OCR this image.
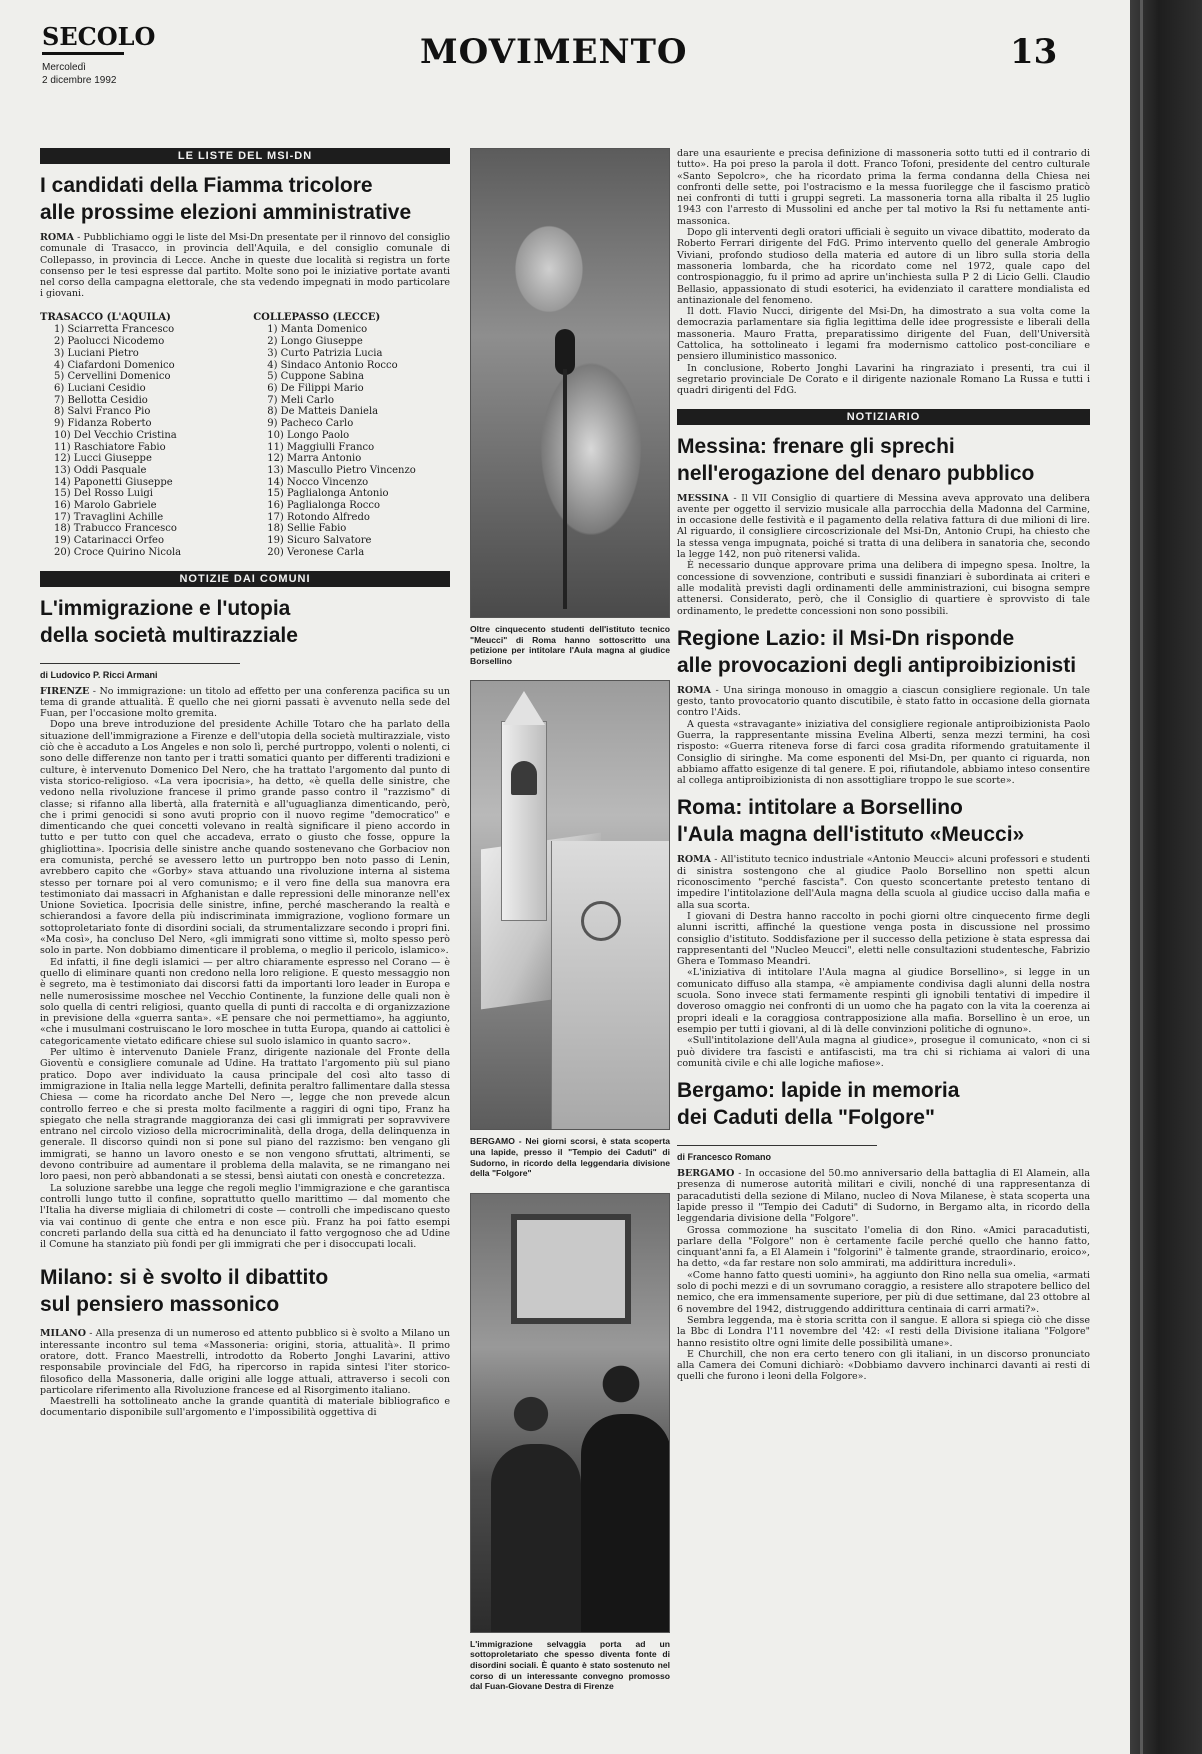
SECOLO
Mercoledì
2 dicembre 1992
MOVIMENTO	13
LE LISTE DEL MSI-DN
I candidati della Fiamma tricolore
alle prossime elezioni amministrative

ROMA - Pubblichiamo oggi le liste del Msi-Dn presentate per il rinnovo del consiglio comunale di Trasacco, in provincia dell'Aquila, e del consiglio comunale di Collepasso, in provincia di Lecce. Anche in queste due località si registra un forte consenso per le tesi espresse dal partito. Molte sono poi le iniziative portate avanti nel corso della campagna elettorale, che sta vedendo impegnati in modo particolare i giovani.

TRASACCO (L'AQUILA)
1) Sciarretta Francesco
2) Paolucci Nicodemo
3) Luciani Pietro
4) Ciafardoni Domenico
5) Cervellini Domenico
6) Luciani Cesidio
7) Bellotta Cesidio
8) Salvi Franco Pio
9) Fidanza Roberto
10) Del Vecchio Cristina
11) Raschiatore Fabio
12) Lucci Giuseppe
13) Oddi Pasquale
14) Paponetti Giuseppe
15) Del Rosso Luigi
16) Marolo Gabriele
17) Travaglini Achille
18) Trabucco Francesco
19) Catarinacci Orfeo
20) Croce Quirino Nicola
COLLEPASSO (LECCE)
1) Manta Domenico
2) Longo Giuseppe
3) Curto Patrizia Lucia
4) Sindaco Antonio Rocco
5) Cuppone Sabina
6) De Filippi Mario
7) Meli Carlo
8) De Matteis Daniela
9) Pacheco Carlo
10) Longo Paolo
11) Maggiulli Franco
12) Marra Antonio
13) Mascullo Pietro Vincenzo
14) Nocco Vincenzo
15) Paglialonga Antonio
16) Paglialonga Rocco
17) Rotondo Alfredo
18) Sellie Fabio
19) Sicuro Salvatore
20) Veronese Carla
NOTIZIE DAI COMUNI
L'immigrazione e l'utopia
della società multirazziale
di Ludovico P. Ricci Armani

FIRENZE - No immigrazione: un titolo ad effetto per una conferenza pacifica su un tema di grande attualità. È quello che nei giorni passati è avvenuto nella sede del Fuan, per l'occasione molto gremita.

Dopo una breve introduzione del presidente Achille Totaro che ha parlato della situazione dell'immigrazione a Firenze e dell'utopia della società multirazziale, visto ciò che è accaduto a Los Angeles e non solo lì, perché purtroppo, volenti o nolenti, ci sono delle differenze non tanto per i tratti somatici quanto per differenti tradizioni e culture, è intervenuto Domenico Del Nero, che ha trattato l'argomento dal punto di vista storico-religioso. «La vera ipocrisia», ha detto, «è quella delle sinistre, che vedono nella rivoluzione francese il primo grande passo contro il "razzismo" di classe; si rifanno alla libertà, alla fraternità e all'uguaglianza dimenticando, però, che i primi genocidi si sono avuti proprio con il nuovo regime "democratico" e dimenticando che quei concetti volevano in realtà significare il pieno accordo in tutto e per tutto con quel che accadeva, errato o giusto che fosse, oppure la ghigliottina». Ipocrisia delle sinistre anche quando sostenevano che Gorbaciov non era comunista, perché se avessero letto un purtroppo ben noto passo di Lenin, avrebbero capito che «Gorby» stava attuando una rivoluzione interna al sistema stesso per tornare poi al vero comunismo; e il vero fine della sua manovra era testimoniato dai massacri in Afghanistan e dalle repressioni delle minoranze nell'ex Unione Sovietica. Ipocrisia delle sinistre, infine, perché mascherando la realtà e schierandosi a favore della più indiscriminata immigrazione, vogliono formare un sottoproletariato fonte di disordini sociali, da strumentalizzare secondo i propri fini. «Ma così», ha concluso Del Nero, «gli immigrati sono vittime sì, molto spesso però solo in parte. Non dobbiamo dimenticare il problema, o meglio il pericolo, islamico».

Ed infatti, il fine degli islamici — per altro chiaramente espresso nel Corano — è quello di eliminare quanti non credono nella loro religione. E questo messaggio non è segreto, ma è testimoniato dai discorsi fatti da importanti loro leader in Europa e nelle numerosissime moschee nel Vecchio Continente, la funzione delle quali non è solo quella di centri religiosi, quanto quella di punti di raccolta e di organizzazione in previsione della «guerra santa». «E pensare che noi permettiamo», ha aggiunto, «che i musulmani costruiscano le loro moschee in tutta Europa, quando ai cattolici è categoricamente vietato edificare chiese sul suolo islamico in quanto sacro».

Per ultimo è intervenuto Daniele Franz, dirigente nazionale del Fronte della Gioventù e consigliere comunale ad Udine. Ha trattato l'argomento più sul piano pratico. Dopo aver individuato la causa principale del così alto tasso di immigrazione in Italia nella legge Martelli, definita peraltro fallimentare dalla stessa Chiesa — come ha ricordato anche Del Nero —, legge che non prevede alcun controllo ferreo e che si presta molto facilmente a raggiri di ogni tipo, Franz ha spiegato che nella stragrande maggioranza dei casi gli immigrati per sopravvivere entrano nel circolo vizioso della microcriminalità, della droga, della delinquenza in generale. Il discorso quindi non si pone sul piano del razzismo: ben vengano gli immigrati, se hanno un lavoro onesto e se non vengono sfruttati, altrimenti, se devono contribuire ad aumentare il problema della malavita, se ne rimangano nei loro paesi, non però abbandonati a se stessi, bensì aiutati con onestà e concretezza.

La soluzione sarebbe una legge che regoli meglio l'immigrazione e che garantisca controlli lungo tutto il confine, soprattutto quello marittimo — dal momento che l'Italia ha diverse migliaia di chilometri di coste — controlli che impediscano questo via vai continuo di gente che entra e non esce più. Franz ha poi fatto esempi concreti parlando della sua città ed ha denunciato il fatto vergognoso che ad Udine il Comune ha stanziato più fondi per gli immigrati che per i disoccupati locali.

Milano: si è svolto il dibattito
sul pensiero massonico

MILANO - Alla presenza di un numeroso ed attento pubblico si è svolto a Milano un interessante incontro sul tema «Massoneria: origini, storia, attualità». Il primo oratore, dott. Franco Maestrelli, introdotto da Roberto Jonghi Lavarini, attivo responsabile provinciale del FdG, ha ripercorso in rapida sintesi l'iter storico-filosofico della Massoneria, dalle origini alle logge attuali, attraverso i secoli con particolare riferimento alla Rivoluzione francese ed al Risorgimento italiano.

Maestrelli ha sottolineato anche la grande quantità di materiale bibliografico e documentario disponibile sull'argomento e l'impossibilità oggettiva di

Oltre cinquecento studenti dell'istituto tecnico "Meucci" di Roma hanno sottoscritto una petizione per intitolare l'Aula magna al giudice Borsellino
BERGAMO - Nei giorni scorsi, è stata scoperta una lapide, presso il "Tempio dei Caduti" di Sudorno, in ricordo della leggendaria divisione della "Folgore"
L'immigrazione selvaggia porta ad un sottoproletariato che spesso diventa fonte di disordini sociali. È quanto è stato sostenuto nel corso di un interessante convegno promosso dal Fuan-Giovane Destra di Firenze

dare una esauriente e precisa definizione di massoneria sotto tutti ed il contrario di tutto». Ha poi preso la parola il dott. Franco Tofoni, presidente del centro culturale «Santo Sepolcro», che ha ricordato prima la ferma condanna della Chiesa nei confronti delle sette, poi l'ostracismo e la messa fuorilegge che il fascismo praticò nei confronti di tutti i gruppi segreti. La massoneria torna alla ribalta il 25 luglio 1943 con l'arresto di Mussolini ed anche per tal motivo la Rsi fu nettamente anti-massonica.

Dopo gli interventi degli oratori ufficiali è seguito un vivace dibattito, moderato da Roberto Ferrari dirigente del FdG. Primo intervento quello del generale Ambrogio Viviani, profondo studioso della materia ed autore di un libro sulla storia della massoneria lombarda, che ha ricordato come nel 1972, quale capo del controspionaggio, fu il primo ad aprire un'inchiesta sulla P 2 di Licio Gelli. Claudio Bellasio, appassionato di studi esoterici, ha evidenziato il carattere mondialista ed antinazionale del fenomeno.

Il dott. Flavio Nucci, dirigente del Msi-Dn, ha dimostrato a sua volta come la democrazia parlamentare sia figlia legittima delle idee progressiste e liberali della massoneria. Mauro Fratta, preparatissimo dirigente del Fuan, dell'Università Cattolica, ha sottolineato i legami fra modernismo cattolico post-conciliare e pensiero illuministico massonico.

In conclusione, Roberto Jonghi Lavarini ha ringraziato i presenti, tra cui il segretario provinciale De Corato e il dirigente nazionale Romano La Russa e tutti i quadri dirigenti del FdG.

NOTIZIARIO
Messina: frenare gli sprechi
nell'erogazione del denaro pubblico

MESSINA - Il VII Consiglio di quartiere di Messina aveva approvato una delibera avente per oggetto il servizio musicale alla parrocchia della Madonna del Carmine, in occasione delle festività e il pagamento della relativa fattura di due milioni di lire. Al riguardo, il consigliere circoscrizionale del Msi-Dn, Antonio Crupi, ha chiesto che la stessa venga impugnata, poiché si tratta di una delibera in sanatoria che, secondo la legge 142, non può ritenersi valida.

È necessario dunque approvare prima una delibera di impegno spesa. Inoltre, la concessione di sovvenzione, contributi e sussidi finanziari è subordinata ai criteri e alle modalità previsti dagli ordinamenti delle amministrazioni, cui bisogna sempre attenersi. Considerato, però, che il Consiglio di quartiere è sprovvisto di tale ordinamento, le predette concessioni non sono possibili.

Regione Lazio: il Msi-Dn risponde
alle provocazioni degli antiproibizionisti

ROMA - Una siringa monouso in omaggio a ciascun consigliere regionale. Un tale gesto, tanto provocatorio quanto discutibile, è stato fatto in occasione della giornata contro l'Aids.

A questa «stravagante» iniziativa del consigliere regionale antiproibizionista Paolo Guerra, la rappresentante missina Evelina Alberti, senza mezzi termini, ha così risposto: «Guerra riteneva forse di farci cosa gradita riformendo gratuitamente il Consiglio di siringhe. Ma come esponenti del Msi-Dn, per quanto ci riguarda, non abbiamo affatto esigenze di tal genere. E poi, rifiutandole, abbiamo inteso consentire al collega antiproibizionista di non assottigliare troppo le sue scorte».

Roma: intitolare a Borsellino
l'Aula magna dell'istituto «Meucci»

ROMA - All'istituto tecnico industriale «Antonio Meucci» alcuni professori e studenti di sinistra sostengono che al giudice Paolo Borsellino non spetti alcun riconoscimento "perché fascista". Con questo sconcertante pretesto tentano di impedire l'intitolazione dell'Aula magna della scuola al giudice ucciso dalla mafia e alla sua scorta.

I giovani di Destra hanno raccolto in pochi giorni oltre cinquecento firme degli alunni iscritti, affinché la questione venga posta in discussione nel prossimo consiglio d'istituto. Soddisfazione per il successo della petizione è stata espressa dai rappresentanti del "Nucleo Meucci", eletti nelle consultazioni studentesche, Fabrizio Ghera e Tommaso Meandri.

«L'iniziativa di intitolare l'Aula magna al giudice Borsellino», si legge in un comunicato diffuso alla stampa, «è ampiamente condivisa dagli alunni della nostra scuola. Sono invece stati fermamente respinti gli ignobili tentativi di impedire il doveroso omaggio nei confronti di un uomo che ha pagato con la vita la coerenza ai propri ideali e la coraggiosa contrapposizione alla mafia. Borsellino è un eroe, un esempio per tutti i giovani, al di là delle convinzioni politiche di ognuno».

«Sull'intitolazione dell'Aula magna al giudice», prosegue il comunicato, «non ci si può dividere tra fascisti e antifascisti, ma tra chi si richiama ai valori di una comunità civile e chi alle logiche mafiose».

Bergamo: lapide in memoria
dei Caduti della "Folgore"
di Francesco Romano

BERGAMO - In occasione del 50.mo anniversario della battaglia di El Alamein, alla presenza di numerose autorità militari e civili, nonché di una rappresentanza di paracadutisti della sezione di Milano, nucleo di Nova Milanese, è stata scoperta una lapide presso il "Tempio dei Caduti" di Sudorno, in Bergamo alta, in ricordo della leggendaria divisione della "Folgore".

Grossa commozione ha suscitato l'omelia di don Rino. «Amici paracadutisti, parlare della "Folgore" non è certamente facile perché quello che hanno fatto, cinquant'anni fa, a El Alamein i "folgorini" è talmente grande, straordinario, eroico», ha detto, «da far restare non solo ammirati, ma addirittura increduli».

«Come hanno fatto questi uomini», ha aggiunto don Rino nella sua omelia, «armati solo di pochi mezzi e di un sovrumano coraggio, a resistere allo strapotere bellico del nemico, che era immensamente superiore, per più di due settimane, dal 23 ottobre al 6 novembre del 1942, distruggendo addirittura centinaia di carri armati?».

Sembra leggenda, ma è storia scritta con il sangue. E allora si spiega ciò che disse la Bbc di Londra l'11 novembre del '42: «I resti della Divisione italiana "Folgore" hanno resistito oltre ogni limite delle possibilità umane».

E Churchill, che non era certo tenero con gli italiani, in un discorso pronunciato alla Camera dei Comuni dichiarò: «Dobbiamo davvero inchinarci davanti ai resti di quelli che furono i leoni della Folgore».
